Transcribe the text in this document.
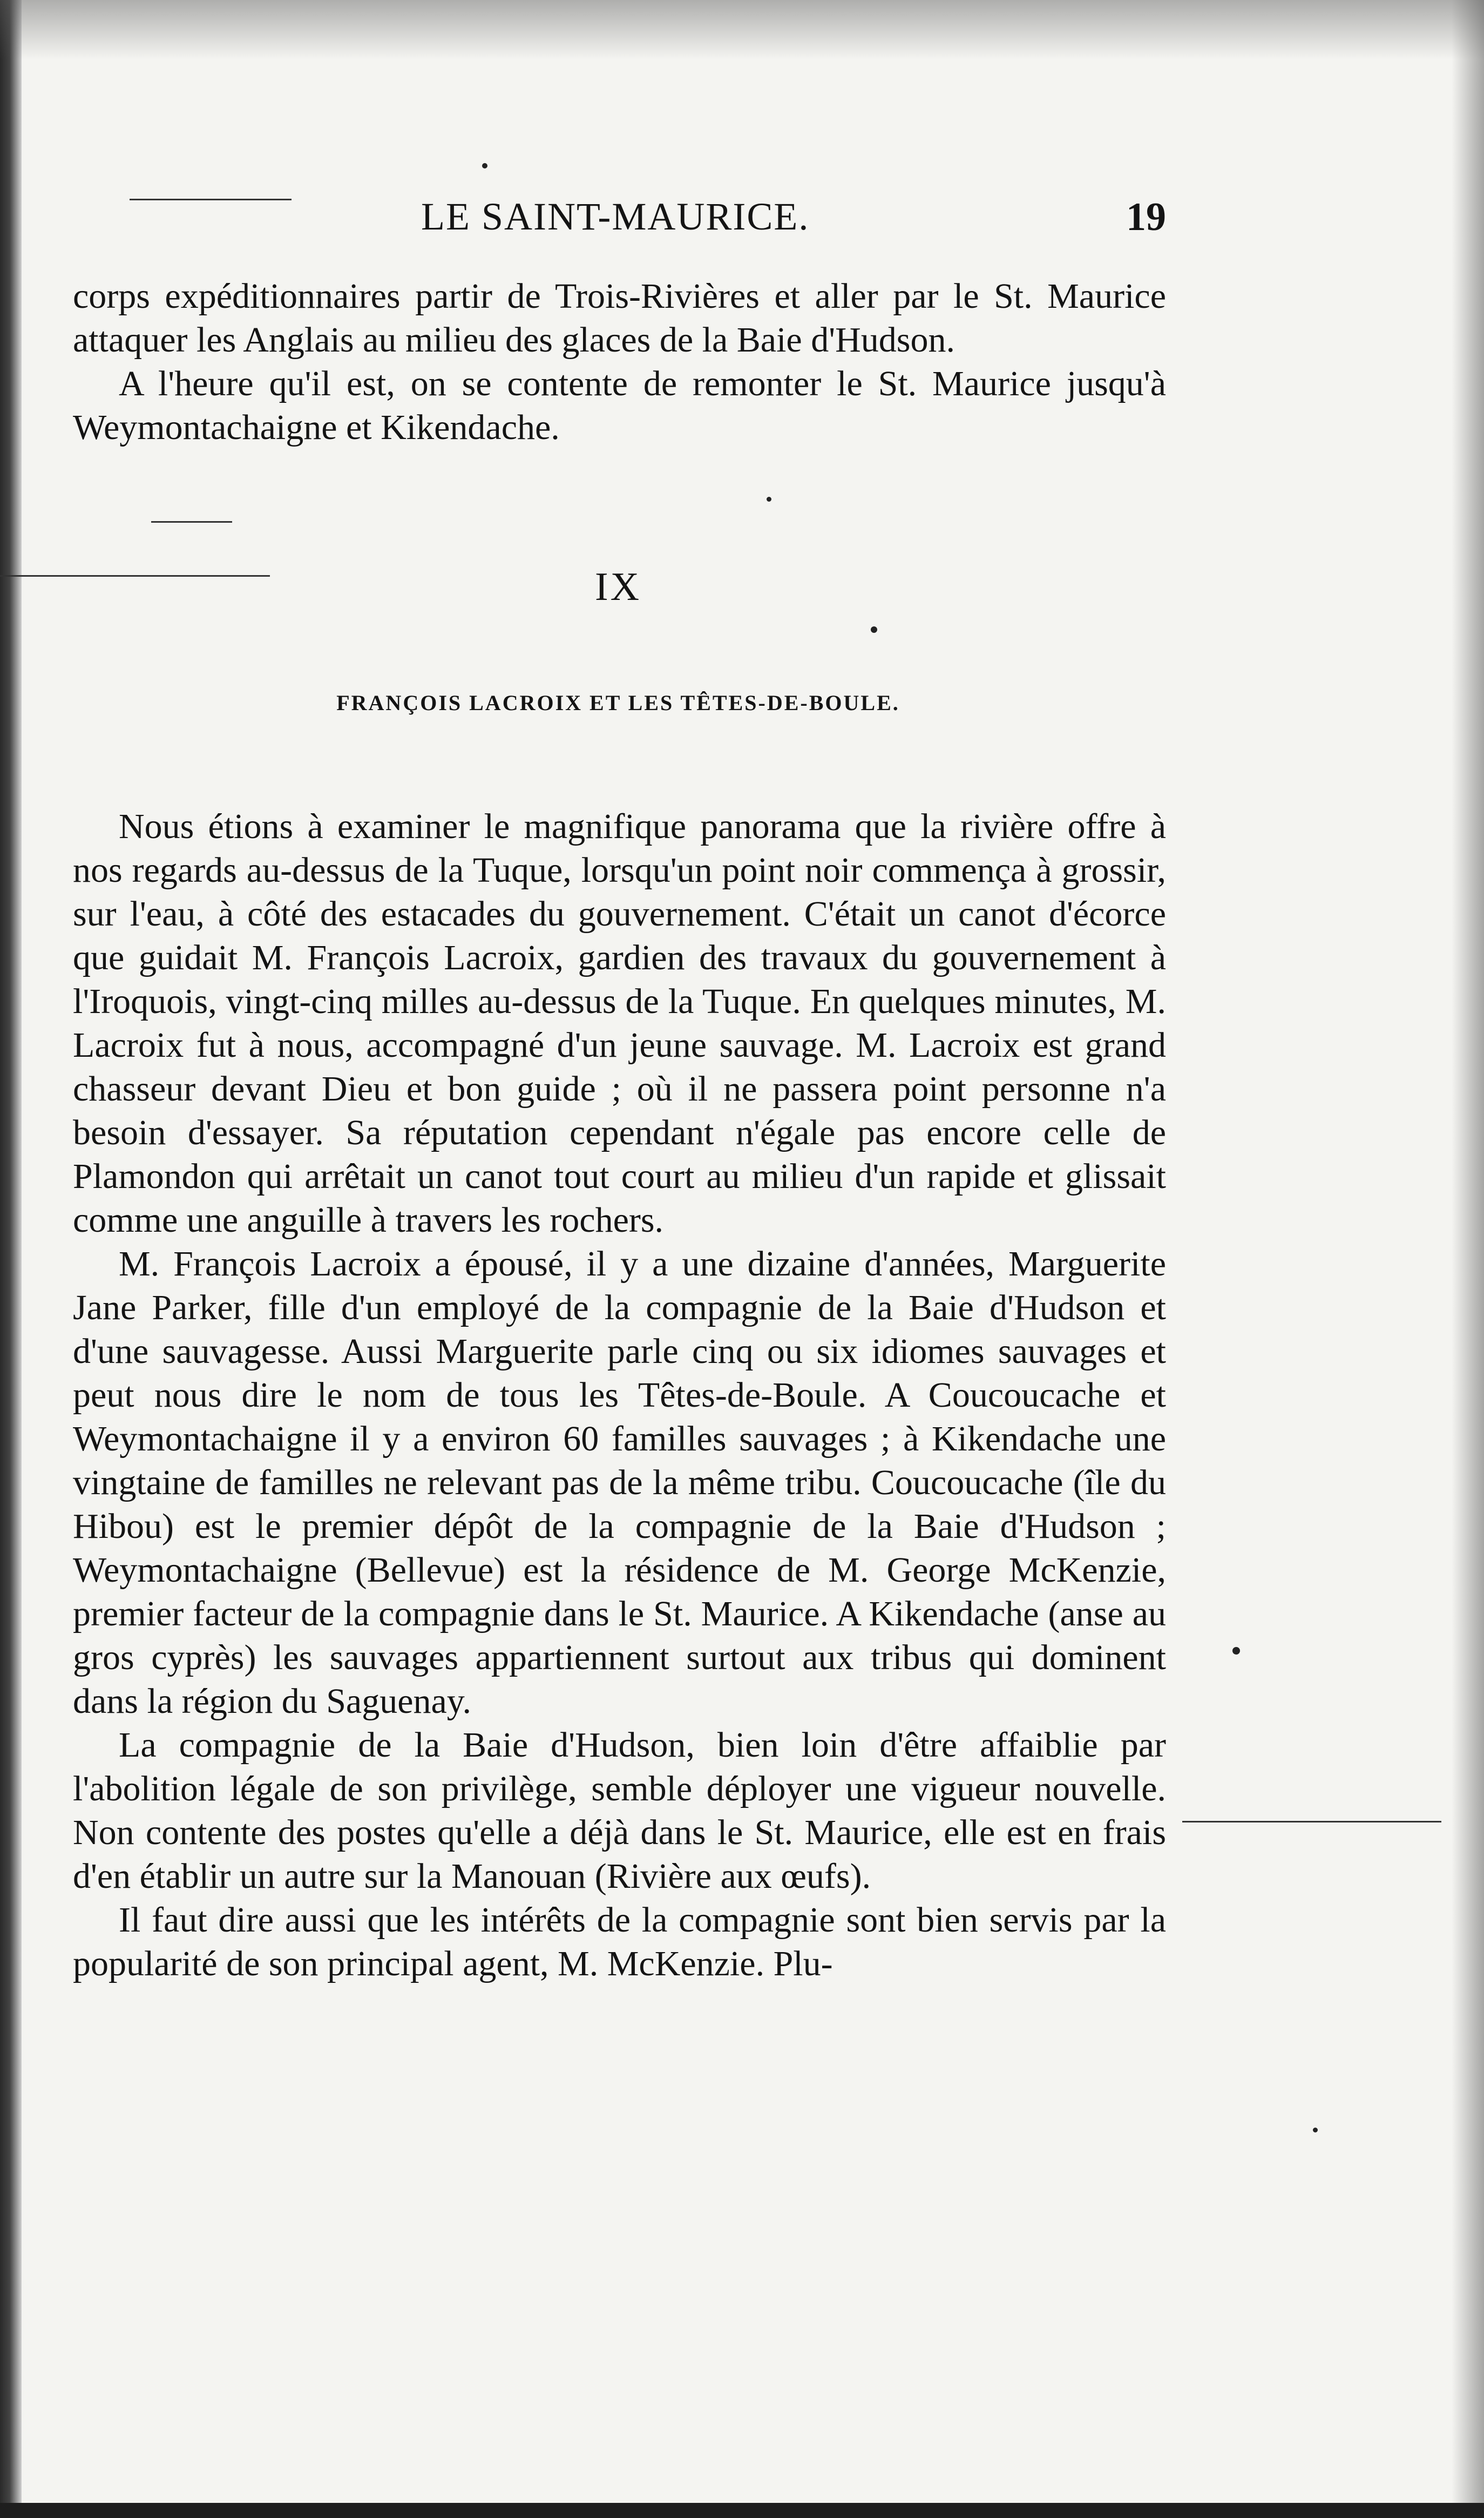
LE SAINT-MAURICE.	19

corps expéditionnaires partir de Trois-Rivières et aller par le St. Maurice attaquer les Anglais au milieu des glaces de la Baie d'Hudson.

A l'heure qu'il est, on se contente de remonter le St. Maurice jusqu'à Weymontachaigne et Kikendache.

IX
FRANÇOIS LACROIX ET LES TÊTES-DE-BOULE.

Nous étions à examiner le magnifique panorama que la rivière offre à nos regards au-dessus de la Tuque, lorsqu'un point noir commença à grossir, sur l'eau, à côté des estacades du gouvernement. C'était un canot d'écorce que guidait M. François Lacroix, gardien des travaux du gouvernement à l'Iroquois, vingt-cinq milles au-dessus de la Tuque. En quelques minutes, M. Lacroix fut à nous, accompagné d'un jeune sauvage. M. Lacroix est grand chasseur devant Dieu et bon guide ; où il ne passera point personne n'a besoin d'essayer. Sa réputation cependant n'égale pas encore celle de Plamondon qui arrêtait un canot tout court au milieu d'un rapide et glissait comme une anguille à travers les rochers.

M. François Lacroix a épousé, il y a une dizaine d'années, Marguerite Jane Parker, fille d'un employé de la compagnie de la Baie d'Hudson et d'une sauvagesse. Aussi Marguerite parle cinq ou six idiomes sauvages et peut nous dire le nom de tous les Têtes-de-Boule. A Coucoucache et Weymontachaigne il y a environ 60 familles sauvages ; à Kikendache une vingtaine de familles ne relevant pas de la même tribu. Coucoucache (île du Hibou) est le premier dépôt de la compagnie de la Baie d'Hudson ; Weymontachaigne (Bellevue) est la résidence de M. George McKenzie, premier facteur de la compagnie dans le St. Maurice. A Kikendache (anse au gros cyprès) les sauvages appartiennent surtout aux tribus qui dominent dans la région du Saguenay.

La compagnie de la Baie d'Hudson, bien loin d'être affaiblie par l'abolition légale de son privilège, semble déployer une vigueur nouvelle. Non contente des postes qu'elle a déjà dans le St. Maurice, elle est en frais d'en établir un autre sur la Manouan (Rivière aux œufs).

Il faut dire aussi que les intérêts de la compagnie sont bien servis par la popularité de son principal agent, M. McKenzie. Plu-
